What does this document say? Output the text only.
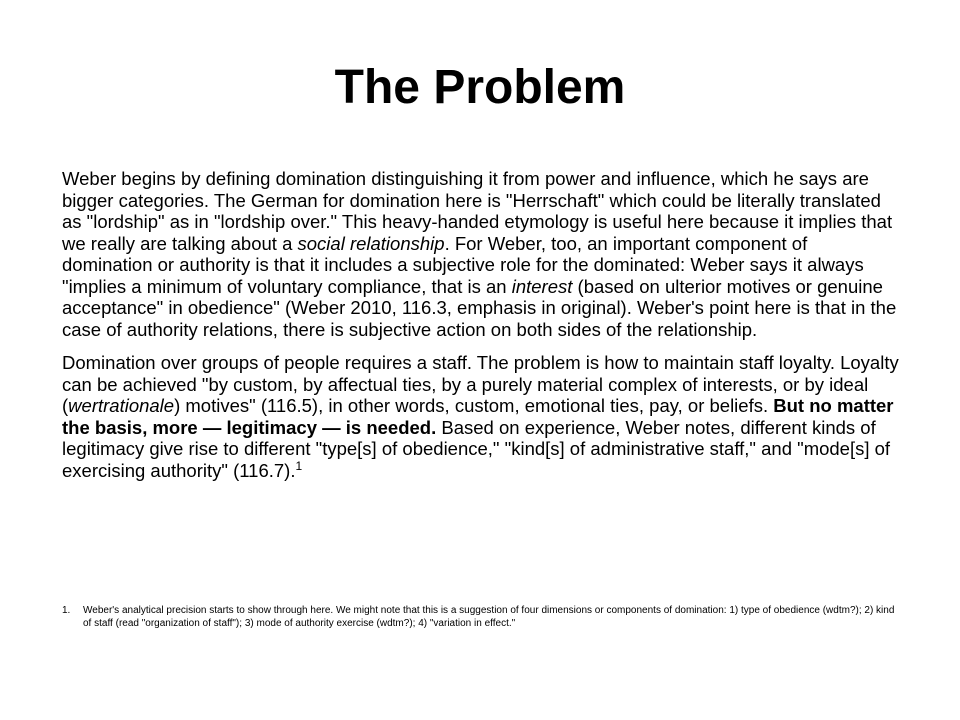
The Problem

Weber begins by defining domination distinguishing it from power and influence, which he says are bigger categories. The German for domination here is "Herrschaft" which could be literally translated as "lordship" as in "lordship over." This heavy-handed etymology is useful here because it implies that we really are talking about a social relationship. For Weber, too, an important component of domination or authority is that it includes a subjective role for the dominated: Weber says it always "implies a minimum of voluntary compliance, that is an interest (based on ulterior motives or genuine acceptance" in obedience" (Weber 2010, 116.3, emphasis in original). Weber's point here is that in the case of authority relations, there is subjective action on both sides of the relationship.

Domination over groups of people requires a staff. The problem is how to maintain staff loyalty. Loyalty can be achieved "by custom, by affectual ties, by a purely material complex of interests, or by ideal (wertrationale) motives" (116.5), in other words, custom, emotional ties, pay, or beliefs. But no matter the basis, more — legitimacy — is needed. Based on experience, Weber notes, different kinds of legitimacy give rise to different "type[s] of obedience," "kind[s] of administrative staff," and "mode[s] of exercising authority" (116.7).$^1$

1. Weber's analytical precision starts to show through here. We might note that this is a suggestion of four dimensions or components of domination: 1) type of obedience (wdtm?); 2) kind of staff (read "organization of staff"); 3) mode of authority exercise (wdtm?); 4) "variation in effect."
